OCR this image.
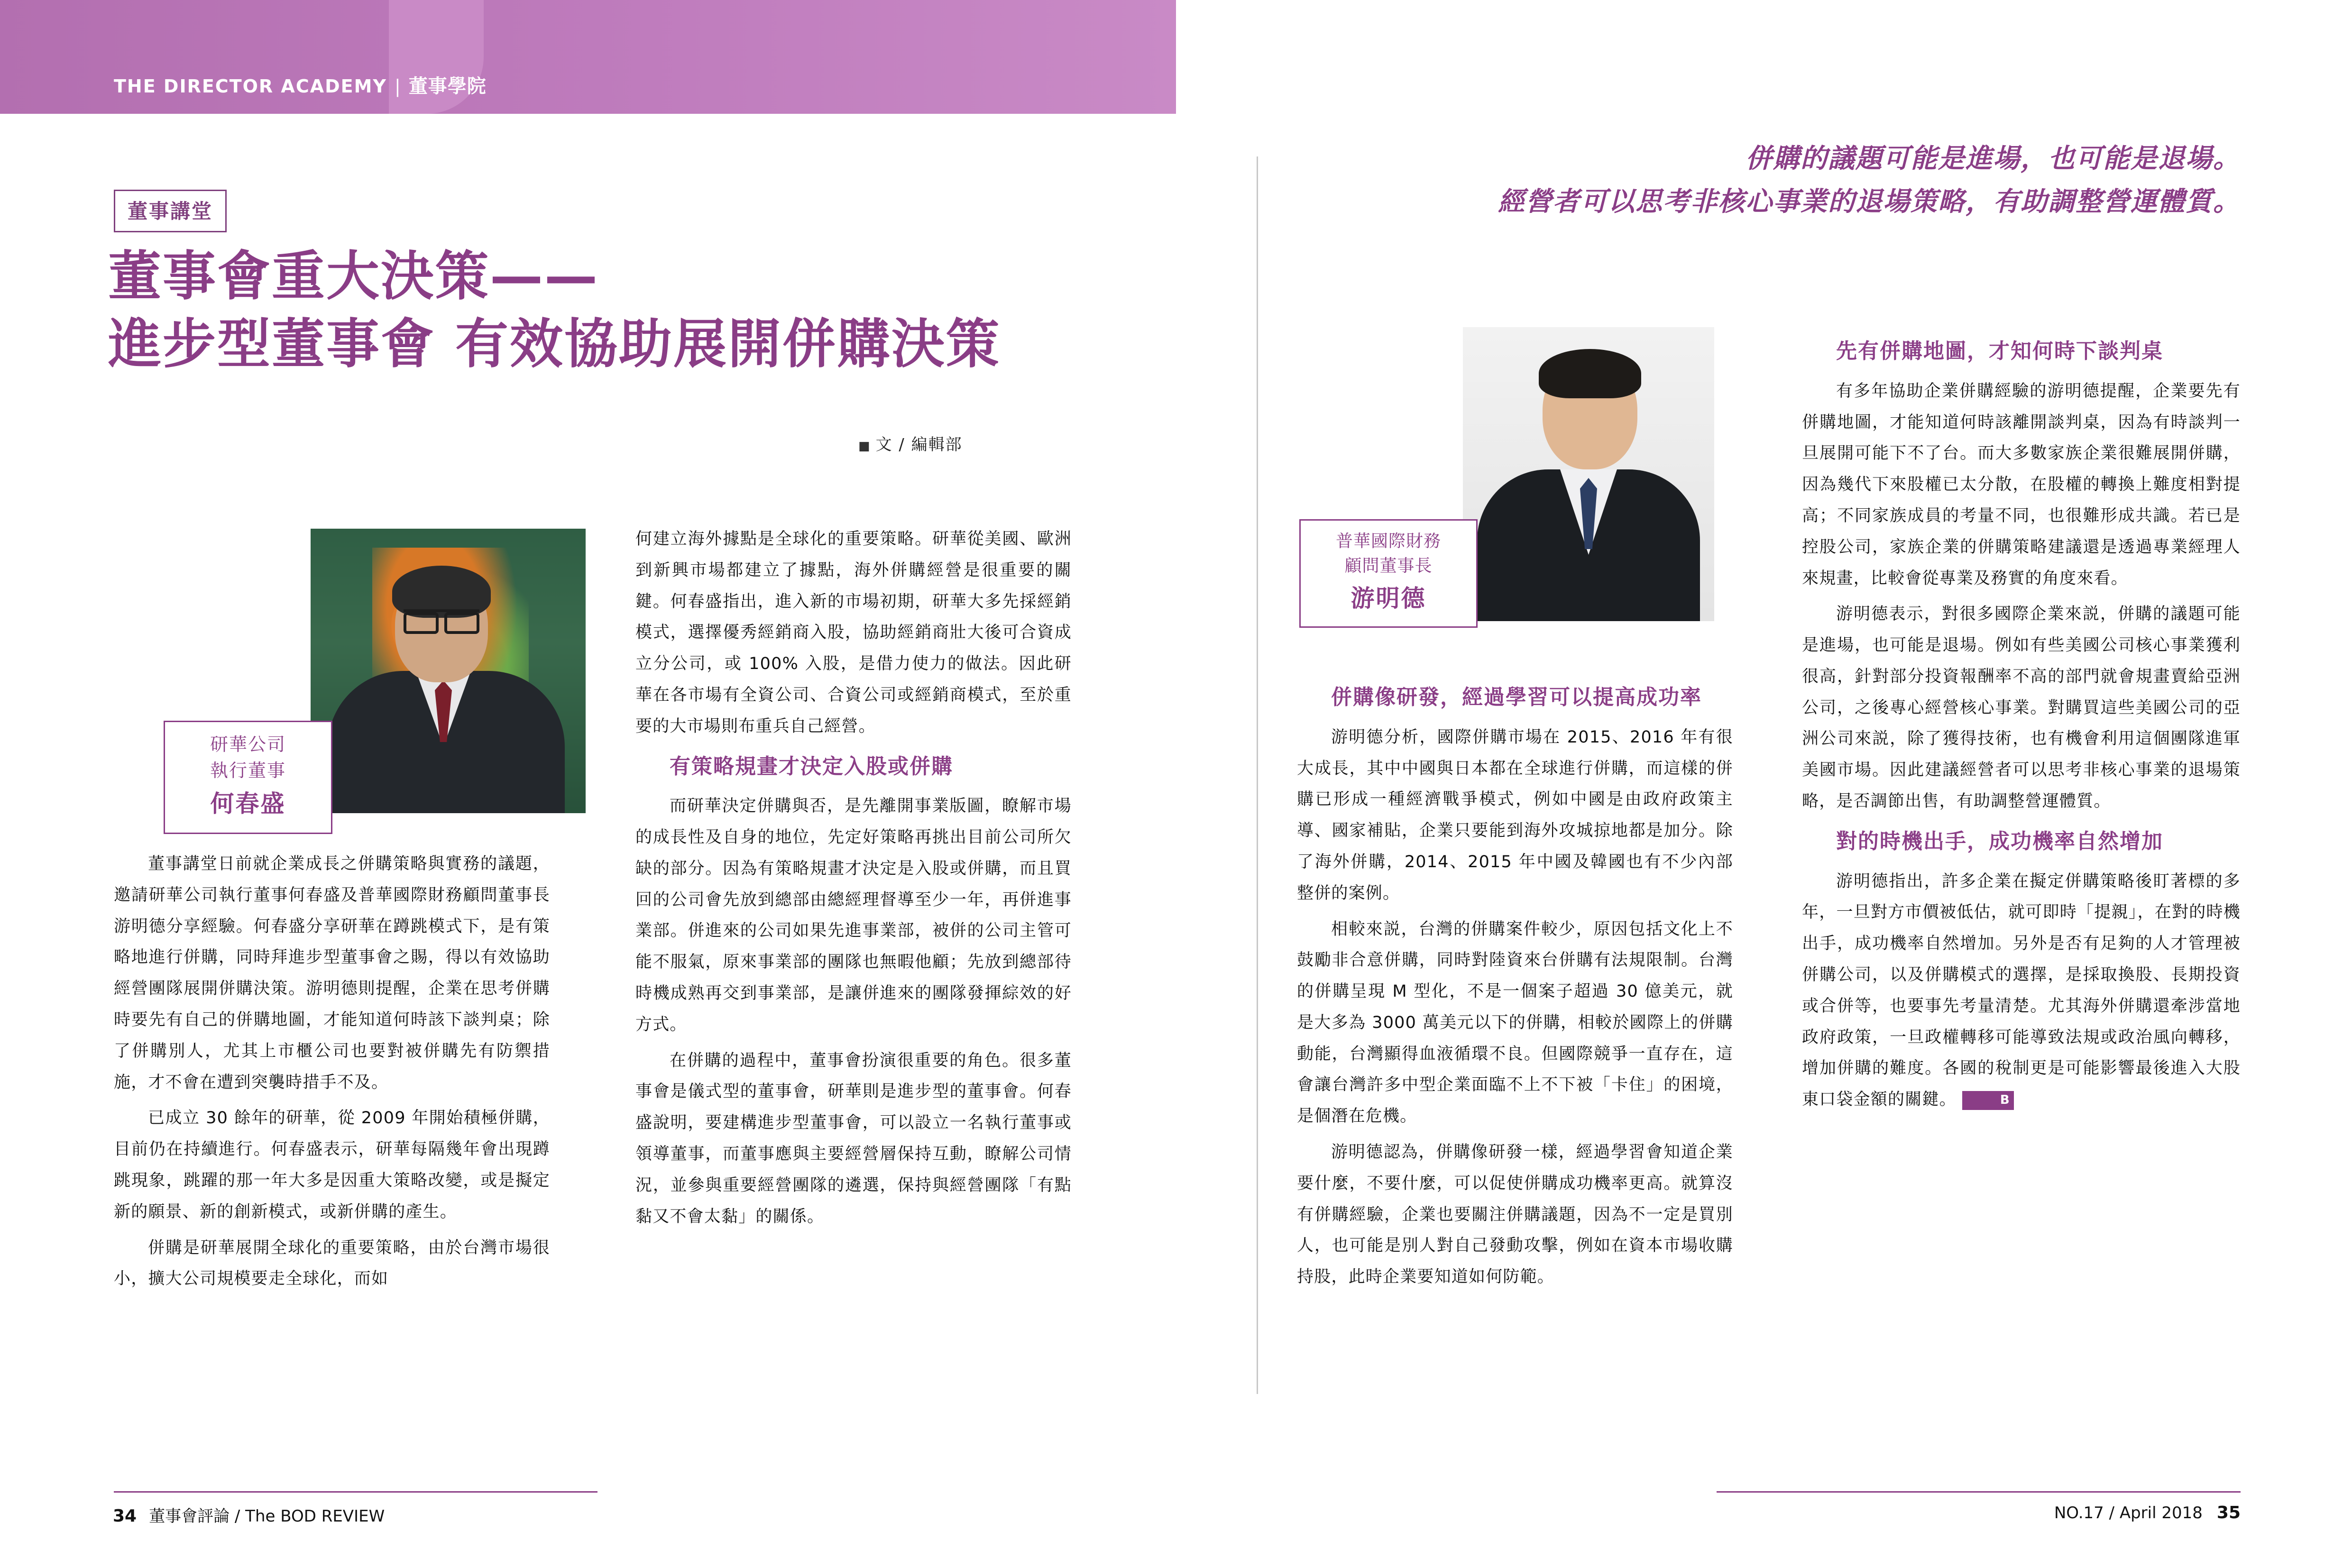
THE DIRECTOR ACADEMY | 董事學院
董事講堂
董事會重大決策——
進步型董事會 有效協助展開併購決策
■ 文 / 編輯部
研華公司
執行董事
何春盛

董事講堂日前就企業成長之併購策略與實務的議題，邀請研華公司執行董事何春盛及普華國際財務顧問董事長游明德分享經驗。何春盛分享研華在蹲跳模式下，是有策略地進行併購，同時拜進步型董事會之賜，得以有效協助經營團隊展開併購決策。游明德則提醒，企業在思考併購時要先有自己的併購地圖，才能知道何時該下談判桌；除了併購別人，尤其上市櫃公司也要對被併購先有防禦措施，才不會在遭到突襲時措手不及。

已成立 30 餘年的研華，從 2009 年開始積極併購，目前仍在持續進行。何春盛表示，研華每隔幾年會出現蹲跳現象，跳躍的那一年大多是因重大策略改變，或是擬定新的願景、新的創新模式，或新併購的產生。

併購是研華展開全球化的重要策略，由於台灣市場很小，擴大公司規模要走全球化，而如

何建立海外據點是全球化的重要策略。研華從美國、歐洲到新興市場都建立了據點，海外併購經營是很重要的關鍵。何春盛指出，進入新的市場初期，研華大多先採經銷模式，選擇優秀經銷商入股，協助經銷商壯大後可合資成立分公司，或 100% 入股，是借力使力的做法。因此研華在各市場有全資公司、合資公司或經銷商模式，至於重要的大市場則布重兵自己經營。

有策略規畫才決定入股或併購

而研華決定併購與否，是先離開事業版圖，瞭解市場的成長性及自身的地位，先定好策略再挑出目前公司所欠缺的部分。因為有策略規畫才決定是入股或併購，而且買回的公司會先放到總部由總經理督導至少一年，再併進事業部。併進來的公司如果先進事業部，被併的公司主管可能不服氣，原來事業部的團隊也無暇他顧；先放到總部待時機成熟再交到事業部，是讓併進來的團隊發揮綜效的好方式。

在併購的過程中，董事會扮演很重要的角色。很多董事會是儀式型的董事會，研華則是進步型的董事會。何春盛說明，要建構進步型董事會，可以設立一名執行董事或領導董事，而董事應與主要經營層保持互動，瞭解公司情況，並參與重要經營團隊的遴選，保持與經營團隊「有點黏又不會太黏」的關係。

併購的議題可能是進場，也可能是退場。
經營者可以思考非核心事業的退場策略，有助調整營運體質。
普華國際財務
顧問董事長
游明德

併購像研發，經過學習可以提高成功率

游明德分析，國際併購市場在 2015、2016 年有很大成長，其中中國與日本都在全球進行併購，而這樣的併購已形成一種經濟戰爭模式，例如中國是由政府政策主導、國家補貼，企業只要能到海外攻城掠地都是加分。除了海外併購，2014、2015 年中國及韓國也有不少內部整併的案例。

相較來説，台灣的併購案件較少，原因包括文化上不鼓勵非合意併購，同時對陸資來台併購有法規限制。台灣的併購呈現 M 型化，不是一個案子超過 30 億美元，就是大多為 3000 萬美元以下的併購，相較於國際上的併購動能，台灣顯得血液循環不良。但國際競爭一直存在，這會讓台灣許多中型企業面臨不上不下被「卡住」的困境，是個潛在危機。

游明德認為，併購像研發一樣，經過學習會知道企業要什麼，不要什麼，可以促使併購成功機率更高。就算沒有併購經驗，企業也要關注併購議題，因為不一定是買別人，也可能是別人對自己發動攻擊，例如在資本市場收購持股，此時企業要知道如何防範。

先有併購地圖，才知何時下談判桌

有多年協助企業併購經驗的游明德提醒，企業要先有併購地圖，才能知道何時該離開談判桌，因為有時談判一旦展開可能下不了台。而大多數家族企業很難展開併購，因為幾代下來股權已太分散，在股權的轉換上難度相對提高；不同家族成員的考量不同，也很難形成共識。若已是控股公司，家族企業的併購策略建議還是透過專業經理人來規畫，比較會從專業及務實的角度來看。

游明德表示，對很多國際企業來説，併購的議題可能是進場，也可能是退場。例如有些美國公司核心事業獲利很高，針對部分投資報酬率不高的部門就會規畫賣給亞洲公司，之後專心經營核心事業。對購買這些美國公司的亞洲公司來説，除了獲得技術，也有機會利用這個團隊進軍美國市場。因此建議經營者可以思考非核心事業的退場策略，是否調節出售，有助調整營運體質。

對的時機出手，成功機率自然增加

游明德指出，許多企業在擬定併購策略後盯著標的多年，一旦對方市價被低估，就可即時「提親」，在對的時機出手，成功機率自然增加。另外是否有足夠的人才管理被併購公司，以及併購模式的選擇，是採取換股、長期投資或合併等，也要事先考量清楚。尤其海外併購還牽涉當地政府政策，一旦政權轉移可能導致法規或政治風向轉移，增加併購的難度。各國的稅制更是可能影響最後進入大股東口袋金額的關鍵。	B

34 董事會評論 / The BOD REVIEW	NO.17 / April 2018 35
